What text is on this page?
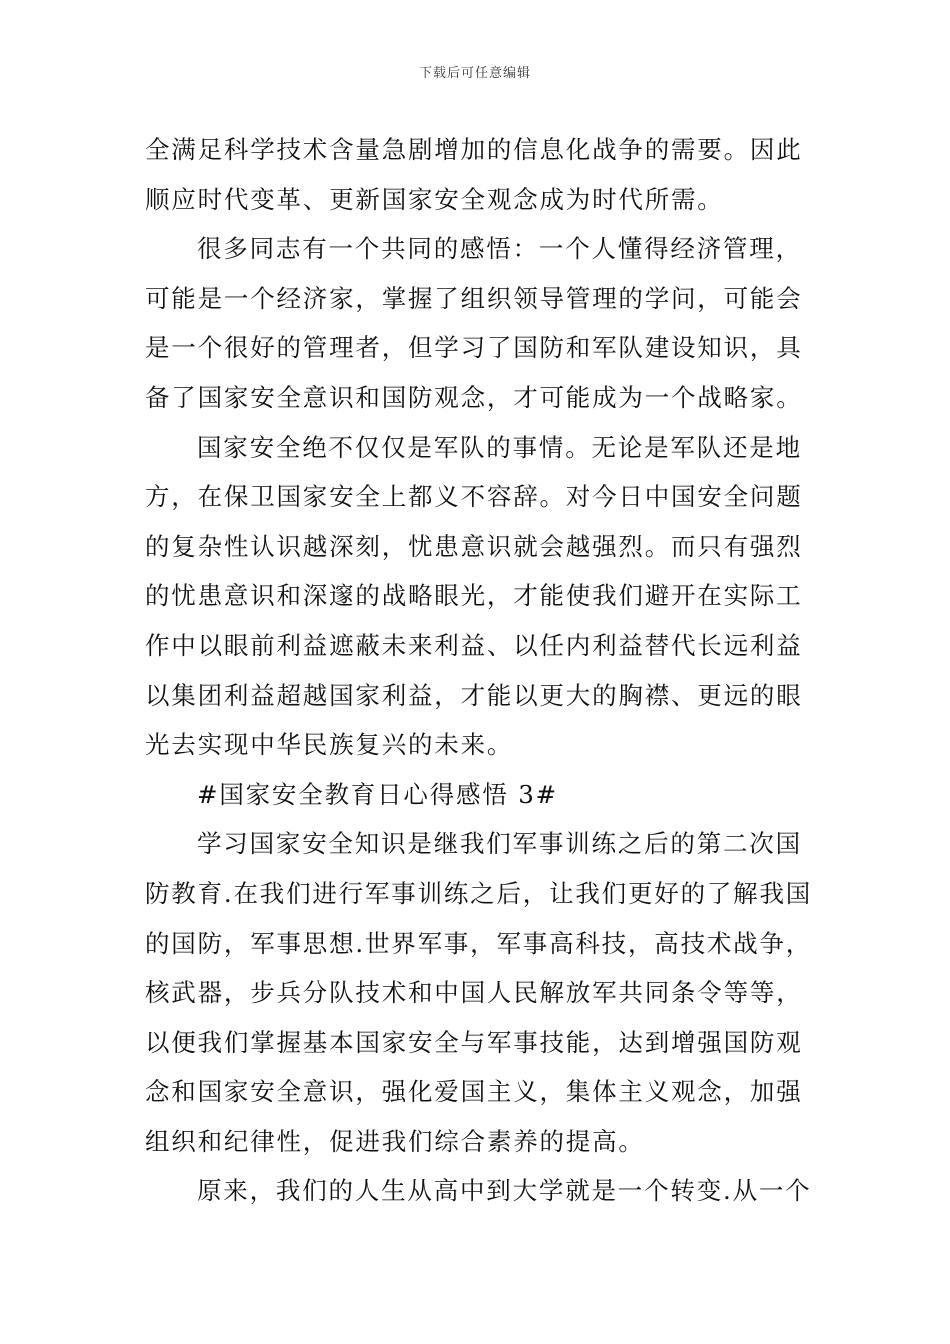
下载后可任意编辑
全满足科学技术含量急剧增加的信息化战争的需要。因此
顺应时代变革、更新国家安全观念成为时代所需。
很多同志有一个共同的感悟：一个人懂得经济管理，
可能是一个经济家，掌握了组织领导管理的学问，可能会
是一个很好的管理者，但学习了国防和军队建设知识，具
备了国家安全意识和国防观念，才可能成为一个战略家。
国家安全绝不仅仅是军队的事情。无论是军队还是地
方，在保卫国家安全上都义不容辞。对今日中国安全问题
的复杂性认识越深刻，忧患意识就会越强烈。而只有强烈
的忧患意识和深邃的战略眼光，才能使我们避开在实际工
作中以眼前利益遮蔽未来利益、以任内利益替代长远利益
以集团利益超越国家利益，才能以更大的胸襟、更远的眼
光去实现中华民族复兴的未来。
#国家安全教育日心得感悟 3#
学习国家安全知识是继我们军事训练之后的第二次国
防教育.在我们进行军事训练之后，让我们更好的了解我国
的国防，军事思想.世界军事，军事高科技，高技术战争，
核武器，步兵分队技术和中国人民解放军共同条令等等，
以便我们掌握基本国家安全与军事技能，达到增强国防观
念和国家安全意识，强化爱国主义，集体主义观念，加强
组织和纪律性，促进我们综合素养的提高。
原来，我们的人生从高中到大学就是一个转变.从一个
